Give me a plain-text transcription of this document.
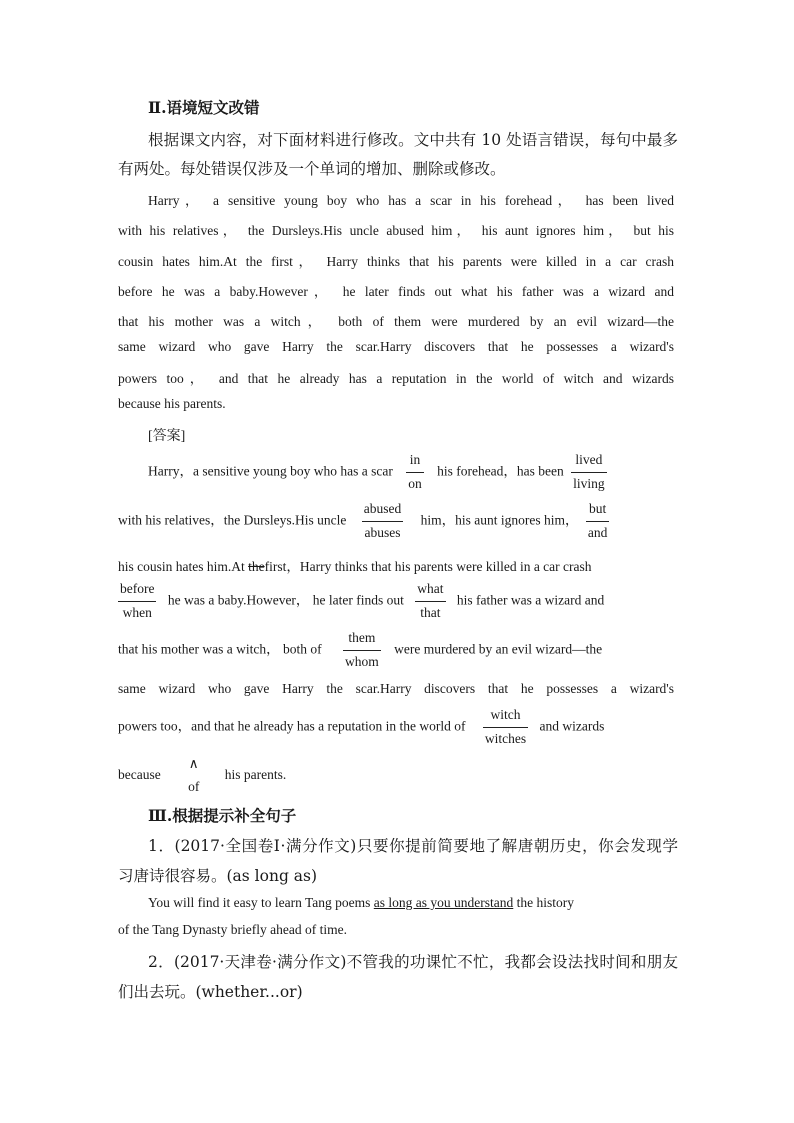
Ⅱ.语境短文改错
根据课文内容，对下面材料进行修改。文中共有 10 处语言错误，每句中最多
有两处。每处错误仅涉及一个单词的增加、删除或修改。
Harry， a sensitive young boy who has a scar in his forehead， has been lived
with his relatives， the Dursleys.His uncle abused him， his aunt ignores him， but his
cousin hates him.At the first， Harry thinks that his parents were killed in a car crash
before he was a baby.However， he later finds out what his father was a wizard and
that his mother was a witch， both of them were murdered by an evil wizard—the
same wizard who gave Harry the scar.Harry discovers that he possesses a wizard's
powers too， and that he already has a reputation in the world of witch and wizards
because his parents.
[答案]
Harry，a sensitive young boy who has a scar $\frac{in}{on}$ his forehead，has been $\frac{\text{lived}}{\text{living}}$
with his relatives，the Dursleys.His uncle $\frac{\text{abused}}{\text{abuses}}$ him，his aunt ignores him， $\frac{\text{but}}{\text{and}}$
his cousin hates him.At thefirst，Harry thinks that his parents were killed in a car crash
$\frac{\text{before}}{\text{when}}$ he was a baby.However， he later finds out $\frac{\text{what}}{\text{that}}$ his father was a wizard and
that his mother was a witch， both of $\frac{\text{them}}{\text{whom}}$ were murdered by an evil wizard—the
same wizard who gave Harry the scar.Harry discovers that he possesses a wizard's
powers too，and that he already has a reputation in the world of $\frac{\text{witch}}{\text{witches}}$ and wizards
because
∧
of
his parents.
Ⅲ.根据提示补全句子
1．(2017·全国卷Ⅰ·满分作文)只要你提前简要地了解唐朝历史，你会发现学
习唐诗很容易。(as long as)
You will find it easy to learn Tang poems as long as you understand the history
of the Tang Dynasty briefly ahead of time.
2．(2017·天津卷·满分作文)不管我的功课忙不忙，我都会设法找时间和朋友
们出去玩。(whether...or)
